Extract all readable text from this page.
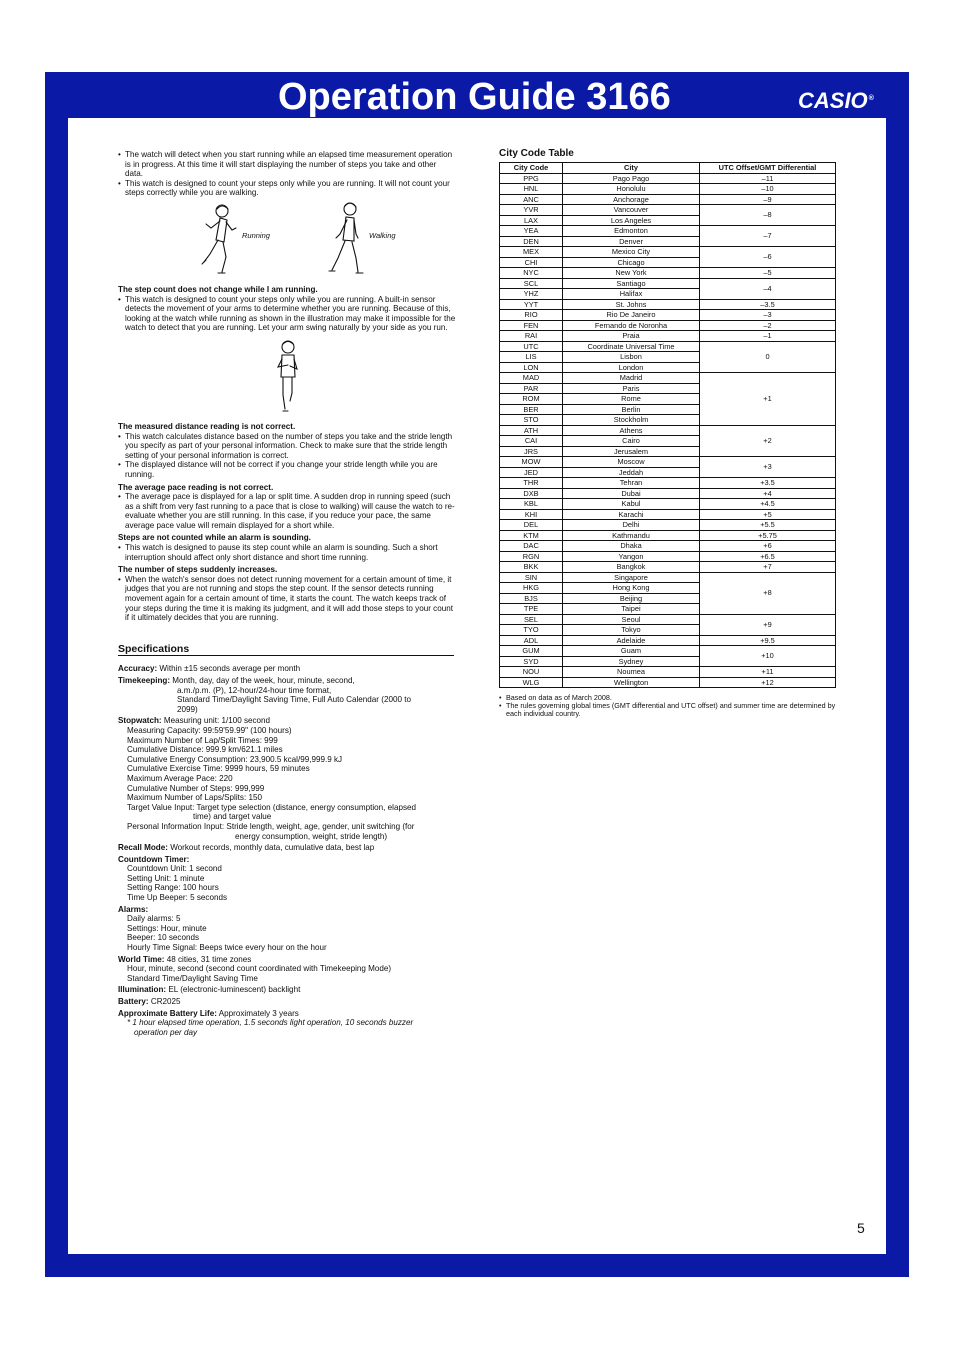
Operation Guide 3166	CASIO®

• The watch will detect when you start running while an elapsed time measurement operation is in progress. At this time it will start displaying the number of steps you take and other data.

• This watch is designed to count your steps only while you are running. It will not count your steps correctly while you are walking.

Running	Walking

The step count does not change while I am running.

• This watch is designed to count your steps only while you are running. A built-in sensor detects the movement of your arms to determine whether you are running. Because of this, looking at the watch while running as shown in the illustration may make it impossible for the watch to detect that you are running. Let your arm swing naturally by your side as you run.

The measured distance reading is not correct.

• This watch calculates distance based on the number of steps you take and the stride length you specify as part of your personal information. Check to make sure that the stride length setting of your personal information is correct.

• The displayed distance will not be correct if you change your stride length while you are running.

The average pace reading is not correct.

• The average pace is displayed for a lap or split time. A sudden drop in running speed (such as a shift from very fast running to a pace that is close to walking) will cause the watch to re-evaluate whether you are still running. In this case, if you reduce your pace, the same average pace value will remain displayed for a short while.

Steps are not counted while an alarm is sounding.

• This watch is designed to pause its step count while an alarm is sounding. Such a short interruption should affect only short distance and short time running.

The number of steps suddenly increases.

• When the watch's sensor does not detect running movement for a certain amount of time, it judges that you are not running and stops the step count. If the sensor detects running movement again for a certain amount of time, it starts the count. The watch keeps track of your steps during the time it is making its judgment, and it will add those steps to your count if it ultimately decides that you are running.

Specifications

Accuracy: Within ±15 seconds average per month

Timekeeping: Month, day, day of the week, hour, minute, second,

a.m./p.m. (P), 12-hour/24-hour time format,

Standard Time/Daylight Saving Time, Full Auto Calendar (2000 to

2099)

Stopwatch: Measuring unit: 1/100 second

Measuring Capacity: 99:59'59.99" (100 hours)

Maximum Number of Lap/Split Times: 999

Cumulative Distance: 999.9 km/621.1 miles

Cumulative Energy Consumption: 23,900.5 kcal/99,999.9 kJ

Cumulative Exercise Time: 9999 hours, 59 minutes

Maximum Average Pace: 220

Cumulative Number of Steps: 999,999

Maximum Number of Laps/Splits: 150

Target Value Input: Target type selection (distance, energy consumption, elapsed

time) and target value

Personal Information Input: Stride length, weight, age, gender, unit switching (for

energy consumption, weight, stride length)

Recall Mode: Workout records, monthly data, cumulative data, best lap

Countdown Timer:

Countdown Unit: 1 second

Setting Unit: 1 minute

Setting Range: 100 hours

Time Up Beeper: 5 seconds

Alarms:

Daily alarms: 5

Settings: Hour, minute

Beeper: 10 seconds

Hourly Time Signal: Beeps twice every hour on the hour

World Time: 48 cities, 31 time zones

Hour, minute, second (second count coordinated with Timekeeping Mode)

Standard Time/Daylight Saving Time

Illumination: EL (electronic-luminescent) backlight

Battery: CR2025

Approximate Battery Life: Approximately 3 years

* 1 hour elapsed time operation, 1.5 seconds light operation, 10 seconds buzzer

operation per day

City Code Table
City Code	City	UTC Offset/GMT Differential
PPG	Pago Pago	–11
HNL	Honolulu	–10
ANC	Anchorage	–9
YVR	Vancouver	–8
LAX	Los Angeles	
YEA	Edmonton	–7
DEN	Denver	
MEX	Mexico City	–6
CHI	Chicago	
NYC	New York	–5
SCL	Santiago	–4
YHZ	Halifax	
YYT	St. Johns	–3.5
RIO	Rio De Janeiro	–3
FEN	Fernando de Noronha	–2
RAI	Praia	–1
UTC	Coordinate Universal Time	0
LIS	Lisbon	
LON	London	
MAD	Madrid	+1
PAR	Paris	
ROM	Rome	
BER	Berlin	
STO	Stockholm	
ATH	Athens	+2
CAI	Cairo	
JRS	Jerusalem	
MOW	Moscow	+3
JED	Jeddah	
THR	Tehran	+3.5
DXB	Dubai	+4
KBL	Kabul	+4.5
KHI	Karachi	+5
DEL	Delhi	+5.5
KTM	Kathmandu	+5.75
DAC	Dhaka	+6
RGN	Yangon	+6.5
BKK	Bangkok	+7
SIN	Singapore	+8
HKG	Hong Kong	
BJS	Beijing	
TPE	Taipei	
SEL	Seoul	+9
TYO	Tokyo	
ADL	Adelaide	+9.5
GUM	Guam	+10
SYD	Sydney	
NOU	Noumea	+11
WLG	Wellington	+12

• Based on data as of March 2008.

• The rules governing global times (GMT differential and UTC offset) and summer time are determined by each individual country.

5
